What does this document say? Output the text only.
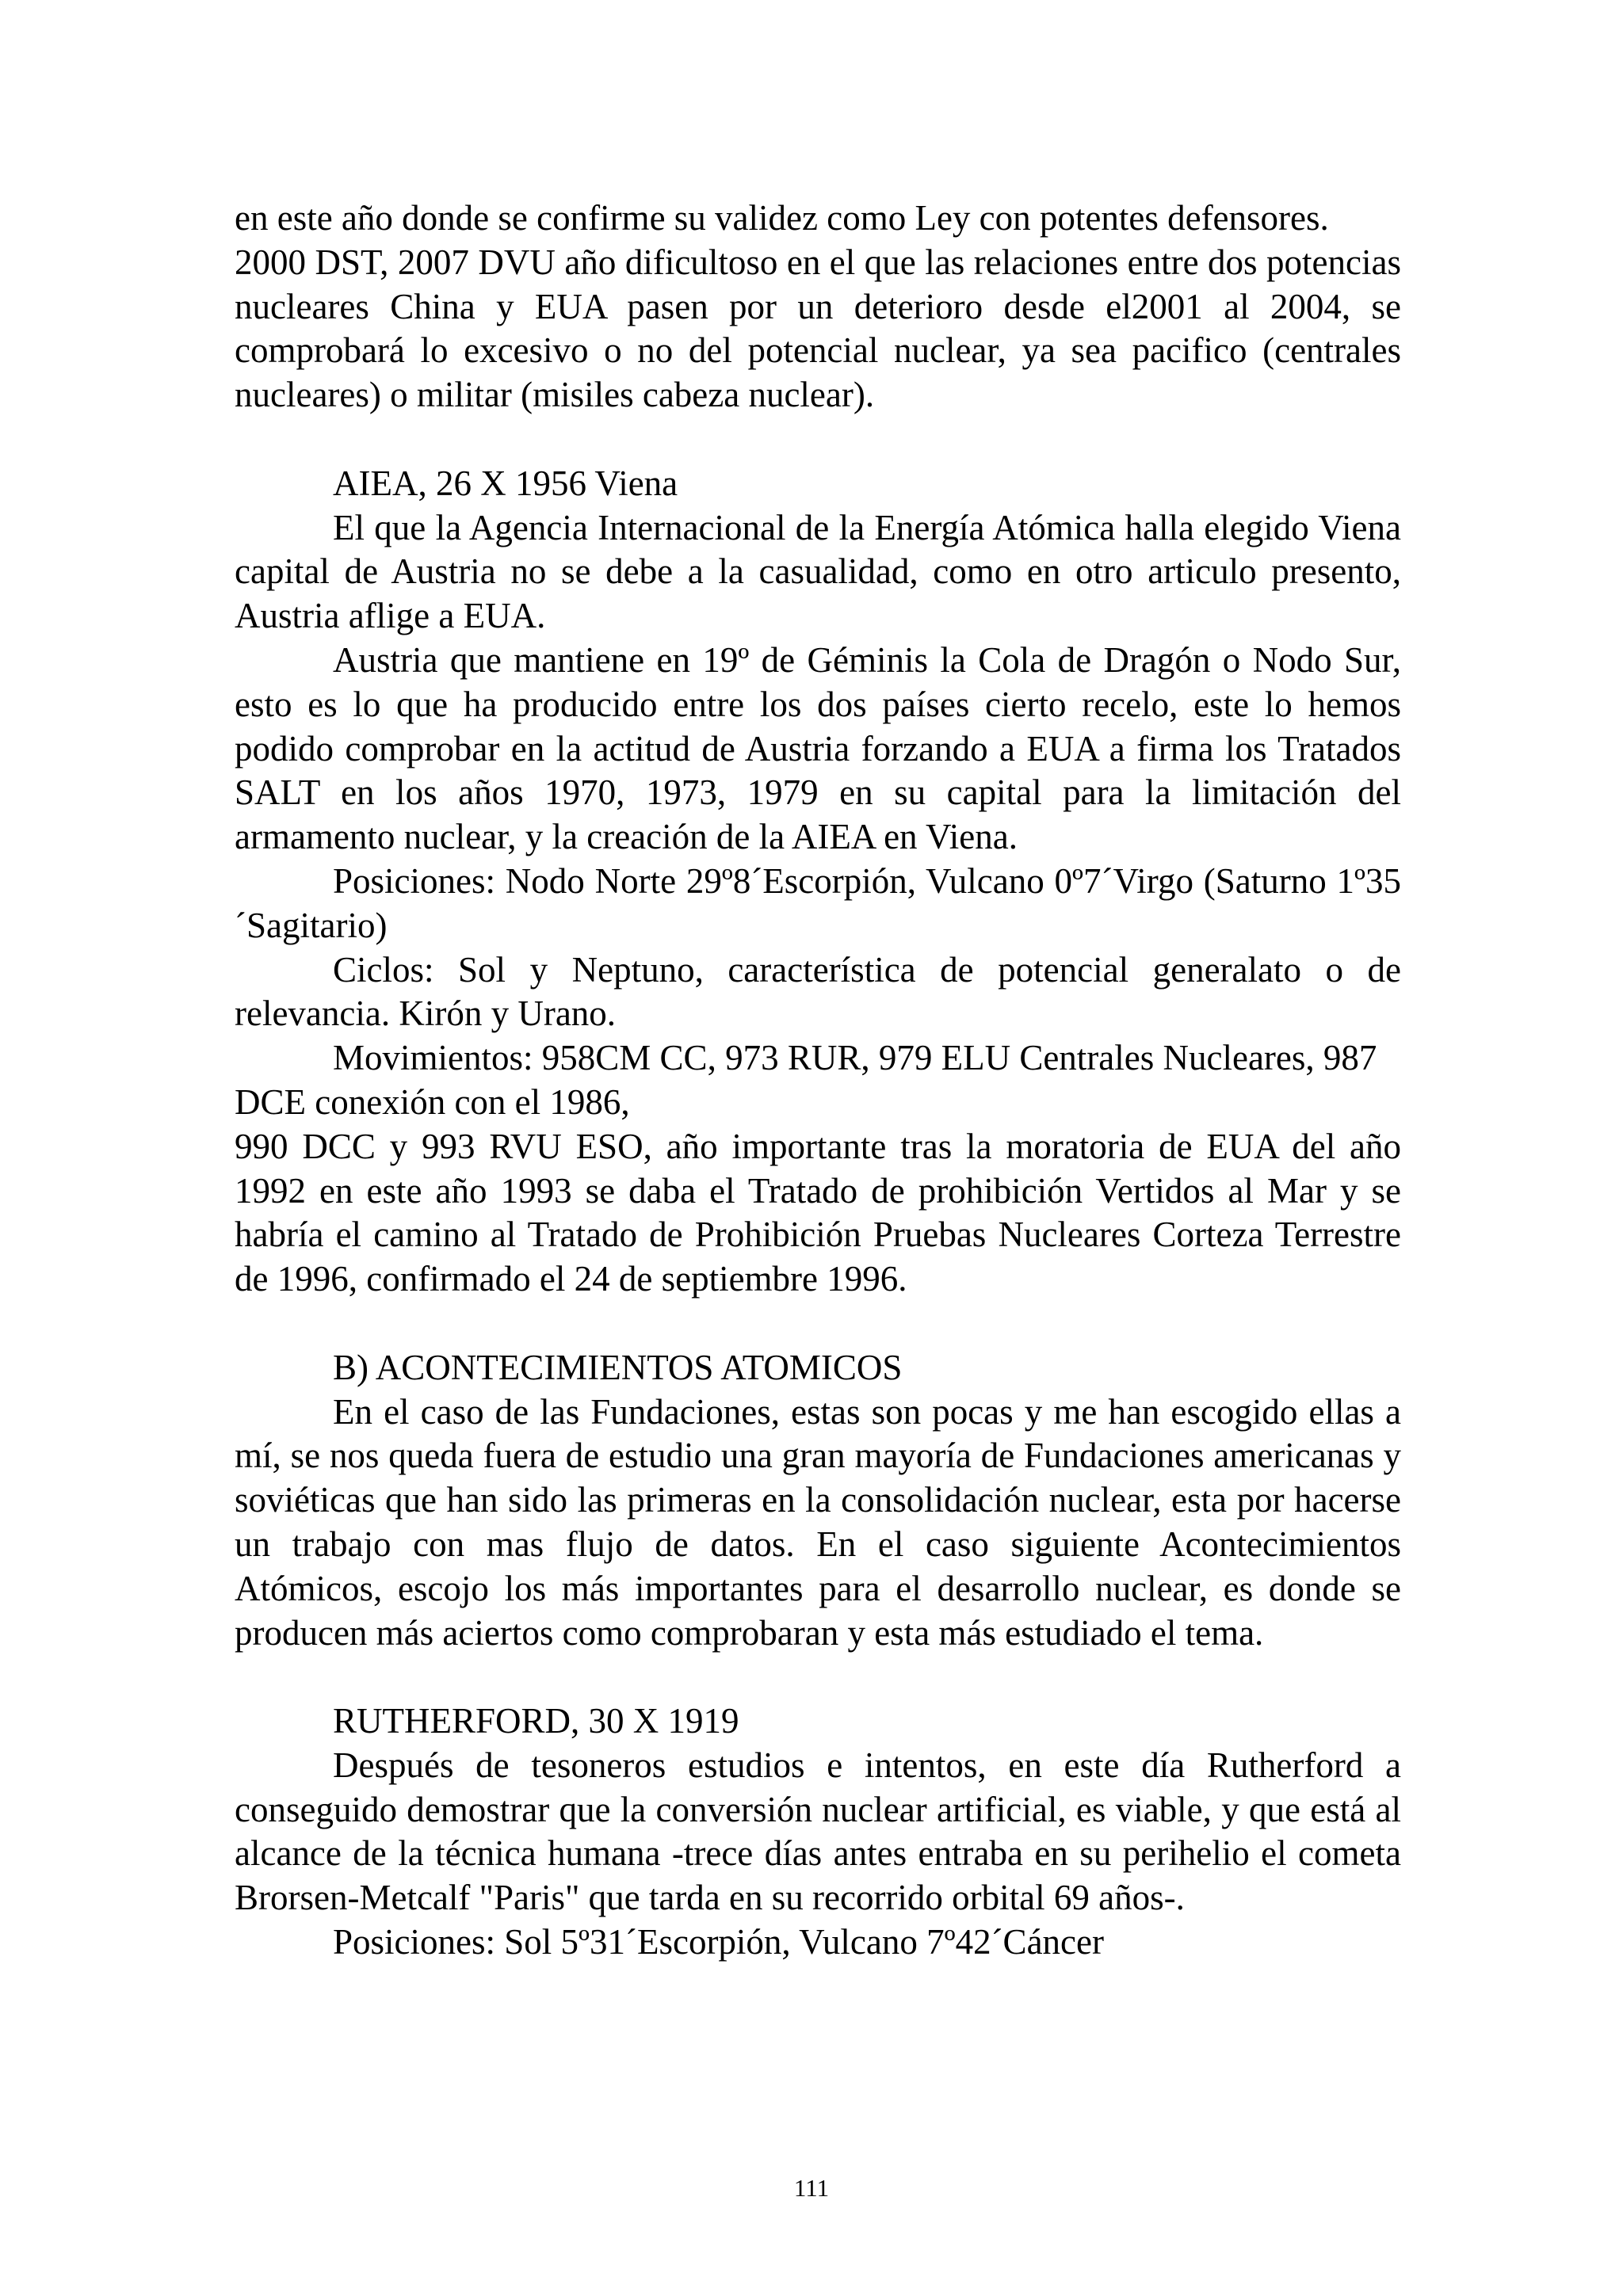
en este año donde se confirme su validez como Ley con potentes defensores.

2000 DST, 2007 DVU año dificultoso en el que las relaciones entre dos potencias nucleares China y EUA pasen por un deterioro desde el2001 al 2004, se comprobará lo excesivo o no del potencial nuclear, ya sea pacifico (centrales nucleares) o militar (misiles cabeza nuclear).

AIEA, 26 X 1956 Viena

El que la Agencia Internacional de la Energía Atómica halla elegido Viena capital de Austria no se debe a la casualidad, como en otro articulo presento, Austria aflige a EUA.

Austria que mantiene en 19º de Géminis la Cola de Dragón o Nodo Sur, esto es lo que ha producido entre los dos países cierto recelo, este lo hemos podido comprobar en la actitud de Austria forzando a EUA a firma los Tratados SALT en los años 1970, 1973, 1979 en su capital para la limitación del armamento nuclear, y la creación de la AIEA en Viena.

Posiciones: Nodo Norte 29º8´Escorpión, Vulcano 0º7´Virgo (Saturno 1º35´Sagitario)

Ciclos: Sol y Neptuno, característica de potencial generalato o de relevancia. Kirón y Urano.

Movimientos: 958CM CC, 973 RUR, 979 ELU Centrales Nucleares, 987 DCE conexión con el 1986,

990 DCC y 993 RVU ESO, año importante tras la moratoria de EUA del año 1992 en este año 1993 se daba el Tratado de prohibición Vertidos al Mar y se habría el camino al Tratado de Prohibición Pruebas Nucleares Corteza Terrestre de 1996, confirmado el 24 de septiembre 1996.

B) ACONTECIMIENTOS ATOMICOS

En el caso de las Fundaciones, estas son pocas y me han escogido ellas a mí, se nos queda fuera de estudio una gran mayoría de Fundaciones americanas y soviéticas que han sido las primeras en la consolidación nuclear, esta por hacerse un trabajo con mas flujo de datos. En el caso siguiente Acontecimientos Atómicos, escojo los más importantes para el desarrollo nuclear, es donde se producen más aciertos como comprobaran y esta más estudiado el tema.

RUTHERFORD, 30 X 1919

Después de tesoneros estudios e intentos, en este día Rutherford a conseguido demostrar que la conversión nuclear artificial, es viable, y que está al alcance de la técnica humana -trece días antes entraba en su perihelio el cometa Brorsen-Metcalf "Paris" que tarda en su recorrido orbital 69 años-.

Posiciones: Sol 5º31´Escorpión, Vulcano 7º42´Cáncer

111
